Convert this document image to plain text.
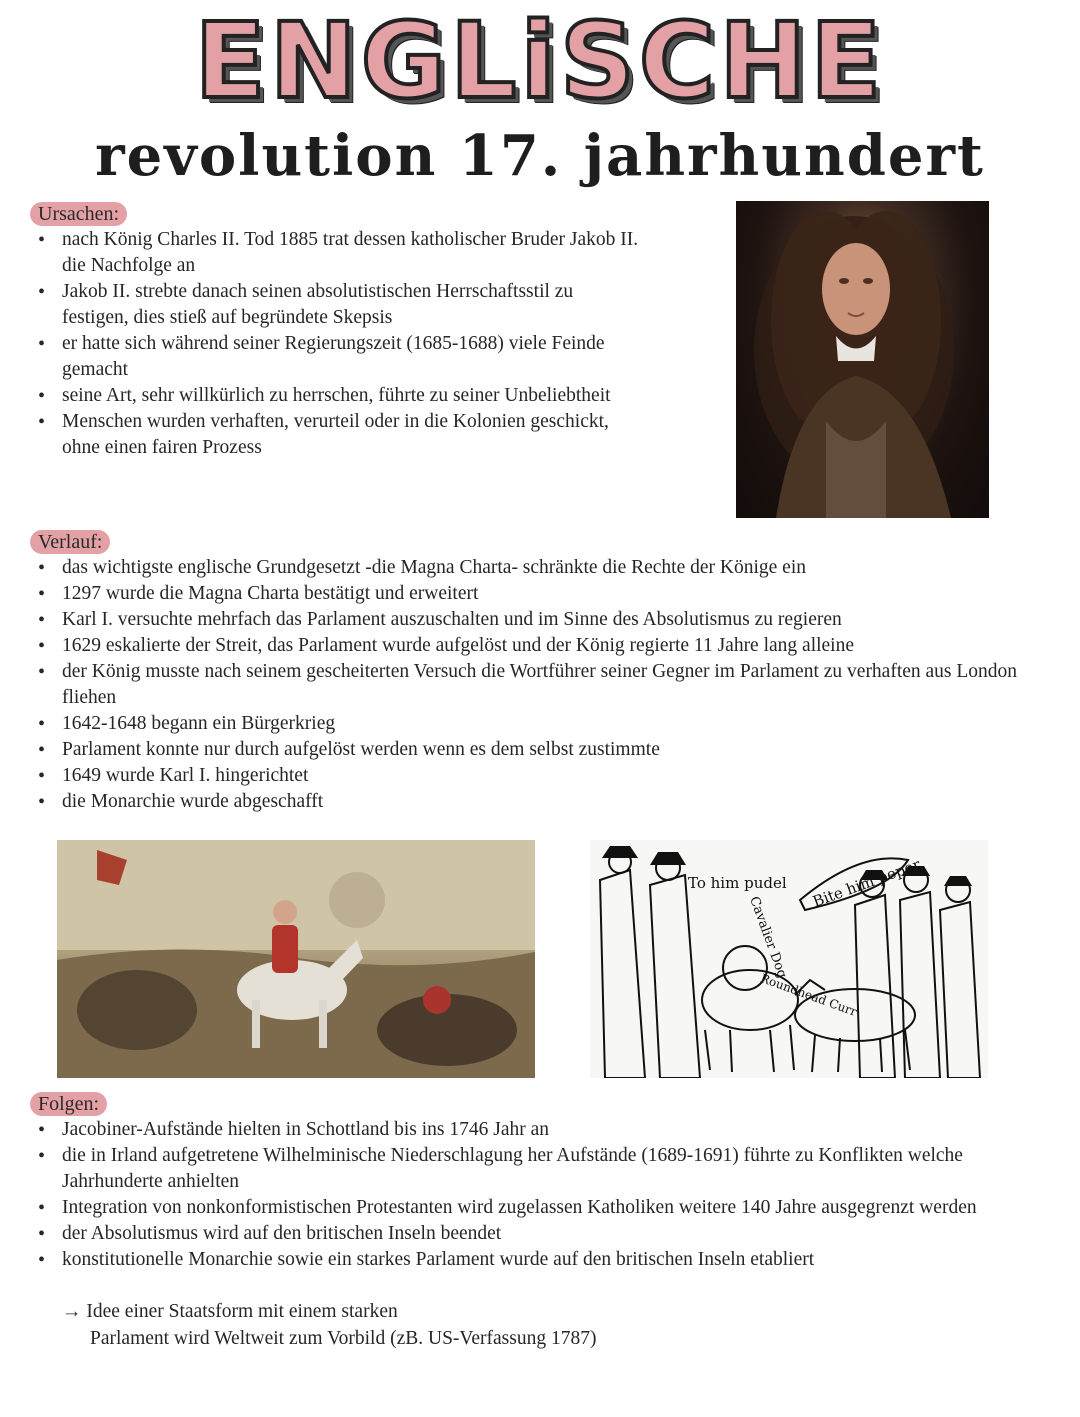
ENGLiSCHE
revolution 17. jahrhundert
Ursachen:
• nach König Charles II. Tod 1885 trat dessen katholischer Bruder Jakob II. die Nachfolge an
• Jakob II. strebte danach seinen absolutistischen Herrschaftsstil zu festigen, dies stieß auf begründete Skepsis
• er hatte sich während seiner Regierungszeit (1685-1688) viele Feinde gemacht
• seine Art, sehr willkürlich zu herrschen, führte zu seiner Unbeliebtheit
• Menschen wurden verhaften, verurteil oder in die Kolonien geschickt, ohne einen fairen Prozess
Verlauf:
• das wichtigste englische Grundgesetzt -die Magna Charta- schränkte die Rechte der Könige ein
• 1297 wurde die Magna Charta bestätigt und erweitert
• Karl I. versuchte mehrfach das Parlament auszuschalten und im Sinne des Absolutismus zu regieren
• 1629 eskalierte der Streit, das Parlament wurde aufgelöst und der König regierte 11 Jahre lang alleine
• der König musste nach seinem gescheiterten Versuch die Wortführer seiner Gegner im Parlament zu verhaften aus London fliehen
• 1642-1648 begann ein Bürgerkrieg
• Parlament konnte nur durch aufgelöst werden wenn es dem selbst zustimmte
• 1649 wurde Karl I. hingerichtet
• die Monarchie wurde abgeschafft
To him pudel Bite him peper
Cavalier Dog
Roundhead Curr
Folgen:
• Jacobiner-Aufstände hielten in Schottland bis ins 1746 Jahr an
• die in Irland aufgetretene Wilhelminische Niederschlagung her Aufstände (1689-1691) führte zu Konflikten welche Jahrhunderte anhielten
• Integration von nonkonformistischen Protestanten wird zugelassen Katholiken weitere 140 Jahre ausgegrenzt werden
• der Absolutismus wird auf den britischen Inseln beendet
• konstitutionelle Monarchie sowie ein starkes Parlament wurde auf den britischen Inseln etabliert
→ Idee einer Staatsform mit einem starken
Parlament wird Weltweit zum Vorbild (zB. US-Verfassung 1787)
